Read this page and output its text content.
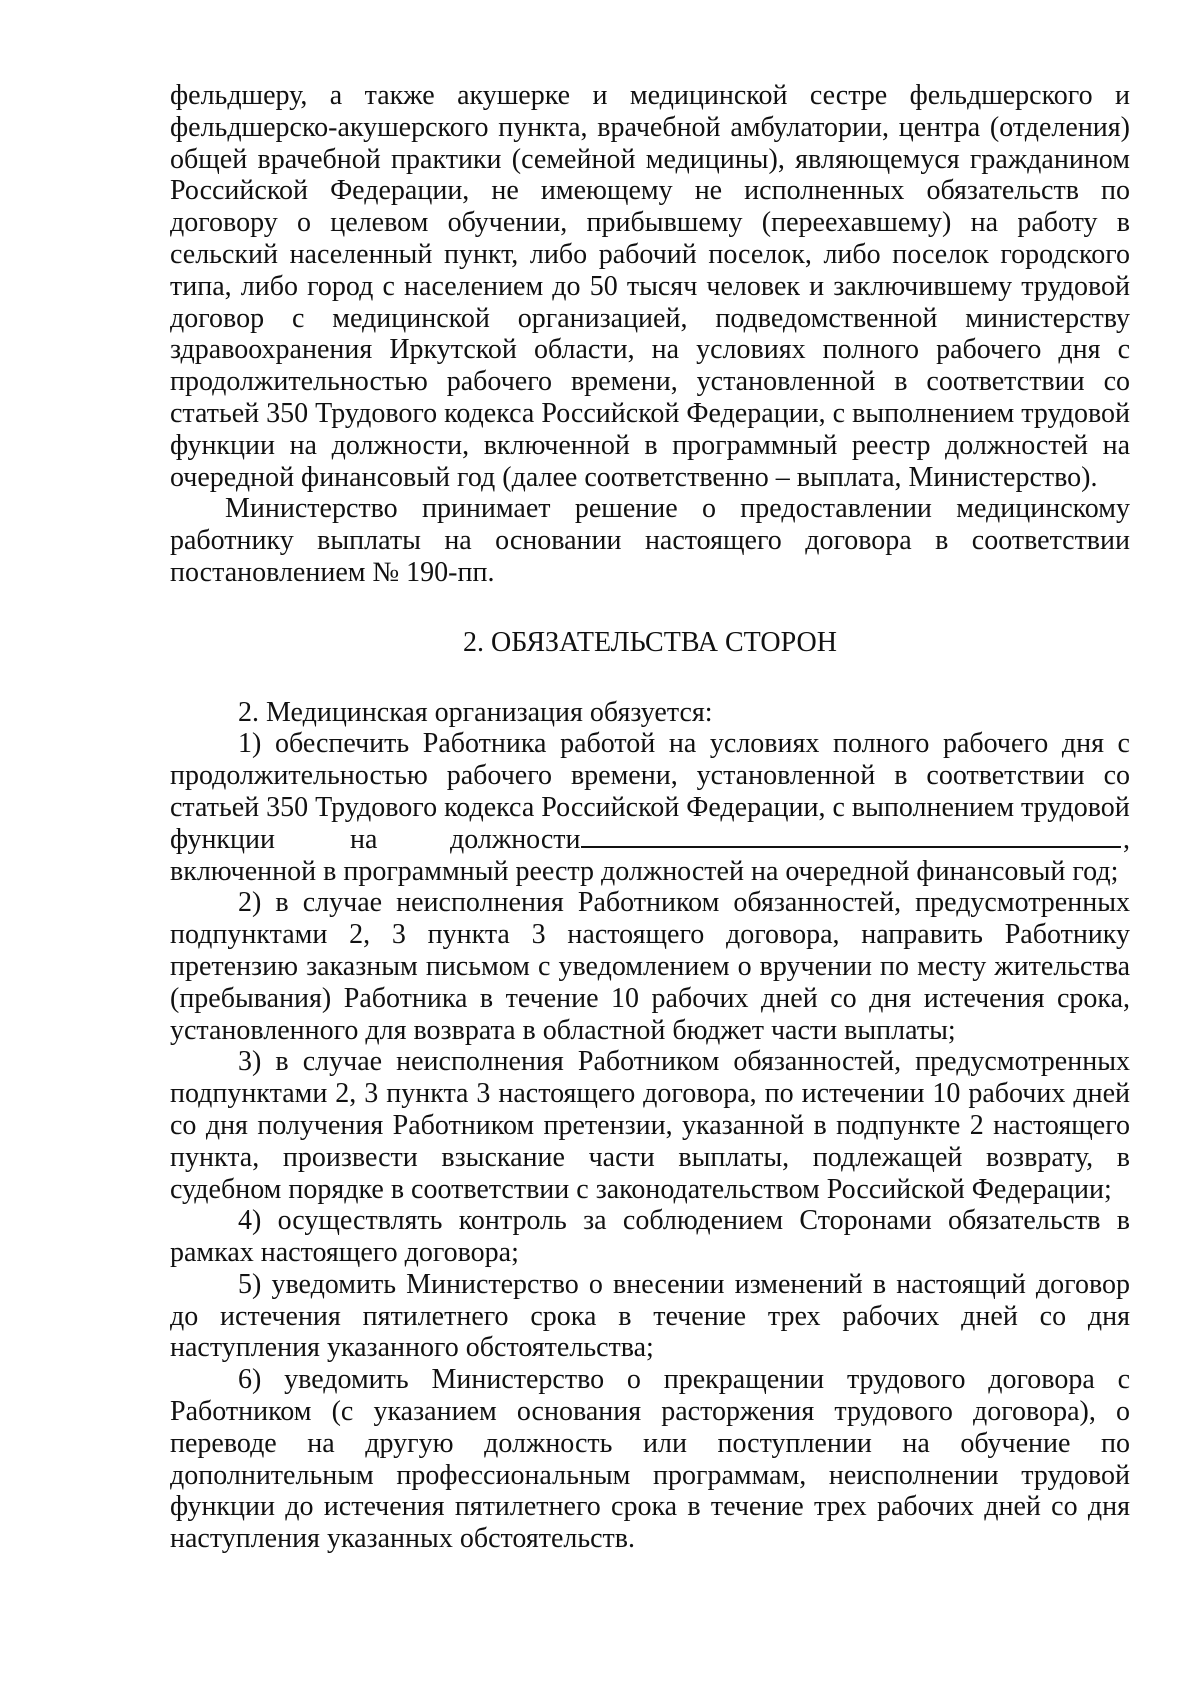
фельдшеру, а также акушерке и медицинской сестре фельдшерского и фельдшерско-акушерского пункта, врачебной амбулатории, центра (отделения) общей врачебной практики (семейной медицины), являющемуся гражданином Российской Федерации, не имеющему не исполненных обязательств по договору о целевом обучении, прибывшему (переехавшему) на работу в сельский населенный пункт, либо рабочий поселок, либо поселок городского типа, либо город с населением до 50 тысяч человек и заключившему трудовой договор с медицинской организацией, подведомственной министерству здравоохранения Иркутской области, на условиях полного рабочего дня с продолжительностью рабочего времени, установленной в соответствии со статьей 350 Трудового кодекса Российской Федерации, с выполнением трудовой функции на должности, включенной в программный реестр должностей на очередной финансовый год (далее соответственно – выплата, Министерство).

Министерство принимает решение о предоставлении медицинскому работнику выплаты на основании настоящего договора в соответствии постановлением № 190-пп.

2. ОБЯЗАТЕЛЬСТВА СТОРОН

2. Медицинская организация обязуется:

1) обеспечить Работника работой на условиях полного рабочего дня с продолжительностью рабочего времени, установленной в соответствии со статьей 350 Трудового кодекса Российской Федерации, с выполнением трудовой

функции	на	должности	,

включенной в программный реестр должностей на очередной финансовый год;

2) в случае неисполнения Работником обязанностей, предусмотренных подпунктами 2, 3 пункта 3 настоящего договора, направить Работнику претензию заказным письмом с уведомлением о вручении по месту жительства (пребывания) Работника в течение 10 рабочих дней со дня истечения срока, установленного для возврата в областной бюджет части выплаты;

3) в случае неисполнения Работником обязанностей, предусмотренных подпунктами 2, 3 пункта 3 настоящего договора, по истечении 10 рабочих дней со дня получения Работником претензии, указанной в подпункте 2 настоящего пункта, произвести взыскание части выплаты, подлежащей возврату, в судебном порядке в соответствии с законодательством Российской Федерации;

4) осуществлять контроль за соблюдением Сторонами обязательств в рамках настоящего договора;

5) уведомить Министерство о внесении изменений в настоящий договор до истечения пятилетнего срока в течение трех рабочих дней со дня наступления указанного обстоятельства;

6) уведомить Министерство о прекращении трудового договора с Работником (с указанием основания расторжения трудового договора), о переводе на другую должность или поступлении на обучение по дополнительным профессиональным программам, неисполнении трудовой функции до истечения пятилетнего срока в течение трех рабочих дней со дня наступления указанных обстоятельств.
